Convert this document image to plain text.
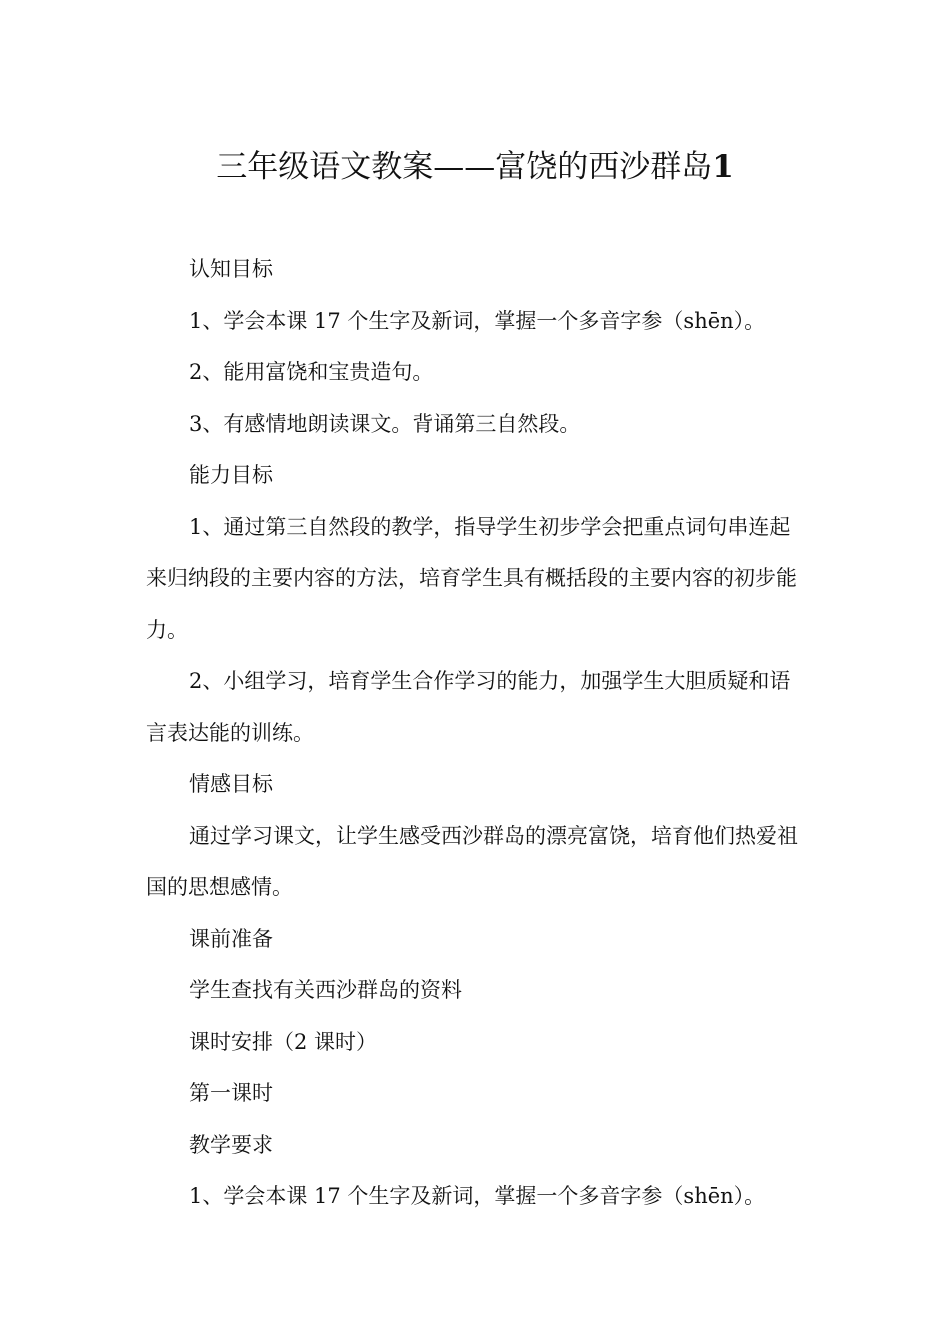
三年级语文教案——富饶的西沙群岛1

认知目标

1、学会本课 17 个生字及新词，掌握一个多音字参（shēn）。

2、能用富饶和宝贵造句。

3、有感情地朗读课文。背诵第三自然段。

能力目标

1、通过第三自然段的教学，指导学生初步学会把重点词句串连起来归纳段的主要内容的方法，培育学生具有概括段的主要内容的初步能力。

2、小组学习，培育学生合作学习的能力，加强学生大胆质疑和语言表达能的训练。

情感目标

通过学习课文，让学生感受西沙群岛的漂亮富饶，培育他们热爱祖国的思想感情。

课前准备

学生查找有关西沙群岛的资料

课时安排（2 课时）

第一课时

教学要求

1、学会本课 17 个生字及新词，掌握一个多音字参（shēn）。
